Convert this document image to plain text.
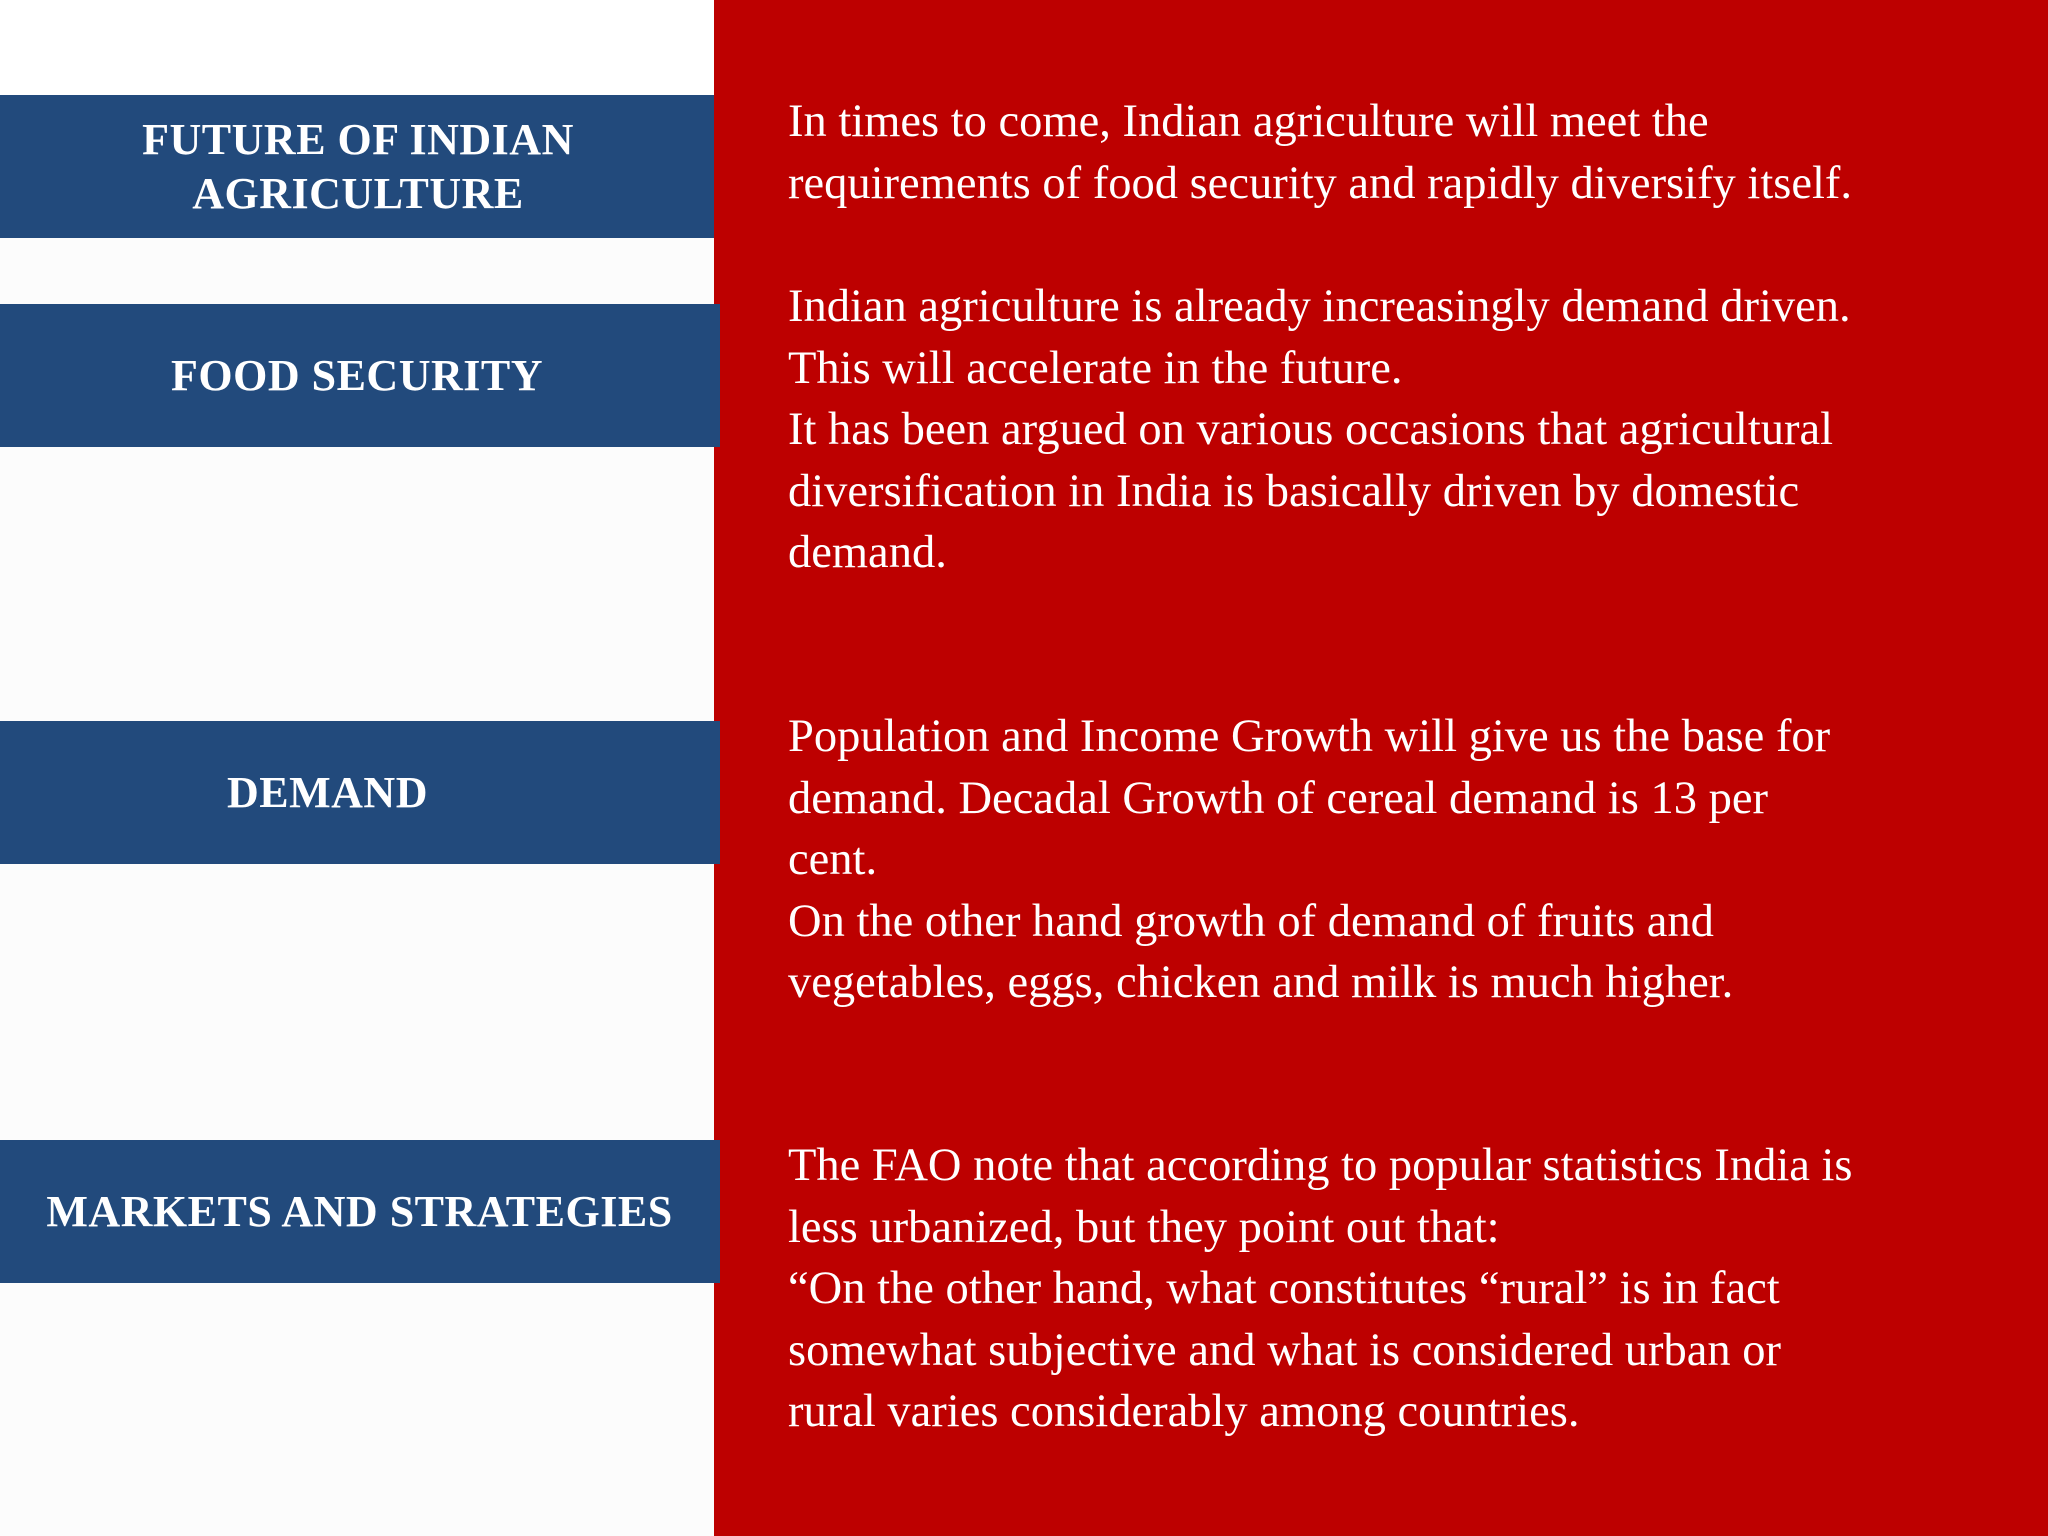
FUTURE OF INDIAN
AGRICULTURE
FOOD SECURITY
DEMAND
MARKETS AND STRATEGIES
In times to come, Indian agriculture will meet the
requirements of food security and rapidly diversify itself.
Indian agriculture is already increasingly demand driven.
This will accelerate in the future.
It has been argued on various occasions that agricultural
diversification in India is basically driven by domestic
demand.
Population and Income Growth will give us the base for
demand. Decadal Growth of cereal demand is 13 per
cent.
On the other hand growth of demand of fruits and
vegetables, eggs, chicken and milk is much higher.
The FAO note that according to popular statistics India is
less urbanized, but they point out that:
“On the other hand, what constitutes “rural” is in fact
somewhat subjective and what is considered urban or
rural varies considerably among countries.
